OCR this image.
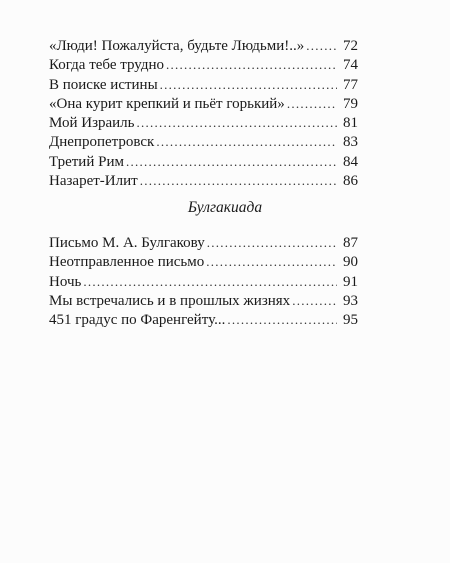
«Люди! Пожалуйста, будьте Людьми!..» . . .	72
Когда тебе трудно . . .	74
В поиске истины . . .	77
«Она курит крепкий и пьёт горький» . . .	79
Мой Израиль . . .	81
Днепропетровск . . .	83
Третий Рим . . .	84
Назарет-Илит . . .	86
Булгакиада
Письмо М. А. Булгакову . . .	87
Неотправленное письмо . . .	90
Ночь . . .	91
Мы встречались и в прошлых жизнях . . .	93
451 градус по Фаренгейту... . . .	95
